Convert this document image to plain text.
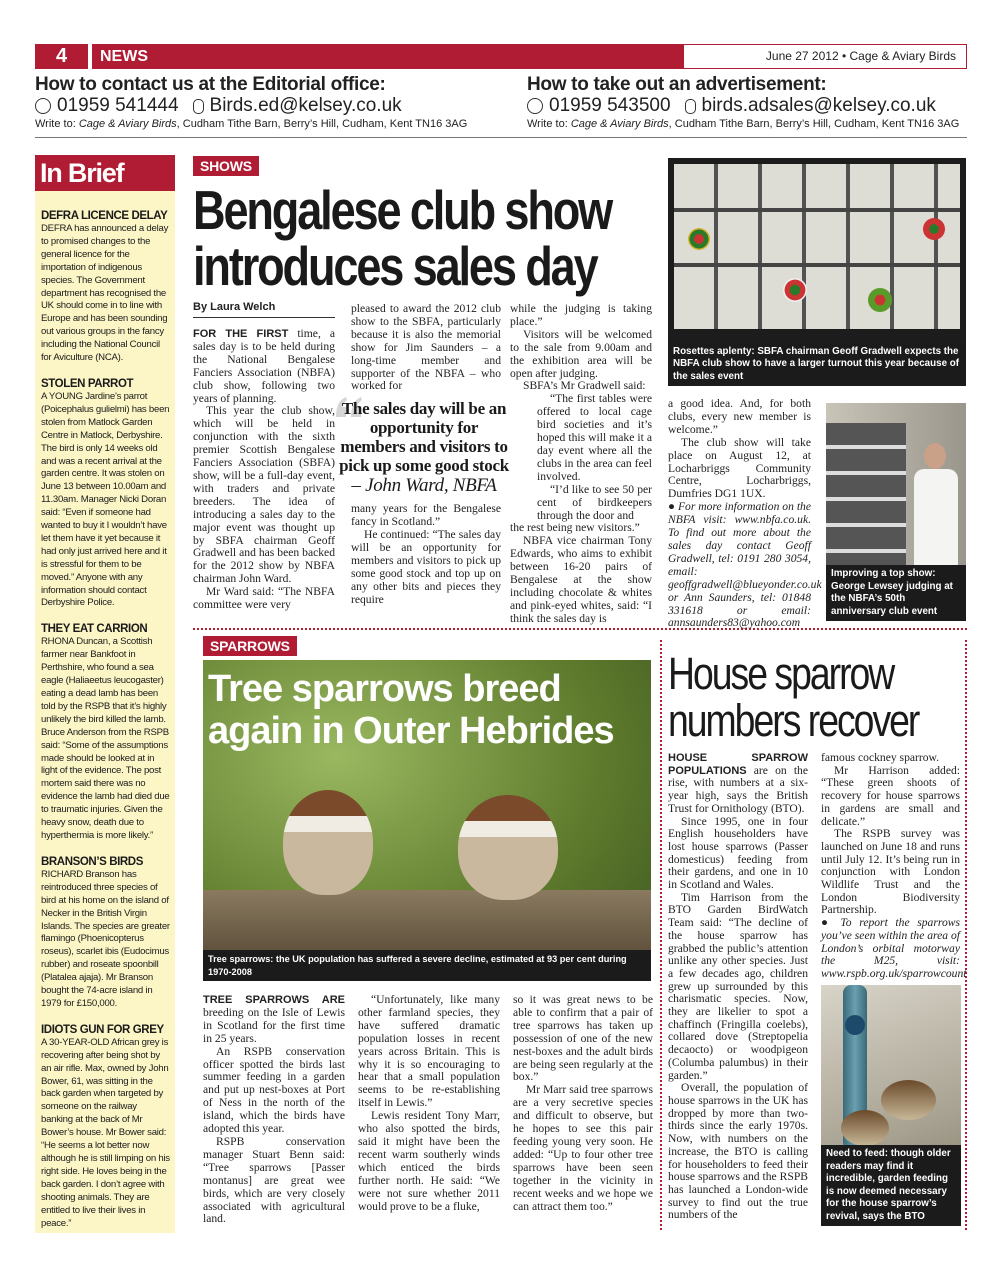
4	NEWS	June 27 2012 • Cage & Aviary Birds
How to contact us at the Editorial office:
01959 541444 Birds.ed@kelsey.co.uk
Write to: Cage & Aviary Birds, Cudham Tithe Barn, Berry’s Hill, Cudham, Kent TN16 3AG
How to take out an advertisement:
01959 543500 birds.adsales@kelsey.co.uk
Write to: Cage & Aviary Birds, Cudham Tithe Barn, Berry’s Hill, Cudham, Kent TN16 3AG
In Brief
DEFRA LICENCE DELAY

DEFRA has announced a delay to promised changes to the general licence for the importation of indigenous species. The Government department has recognised the UK should come in to line with Europe and has been sounding out various groups in the fancy including the National Council for Aviculture (NCA).

STOLEN PARROT

A YOUNG Jardine’s parrot (Poicephalus gulielmi) has been stolen from Matlock Garden Centre in Matlock, Derbyshire. The bird is only 14 weeks old and was a recent arrival at the garden centre. It was stolen on June 13 between 10.00am and 11.30am. Manager Nicki Doran said: “Even if someone had wanted to buy it I wouldn’t have let them have it yet because it had only just arrived here and it is stressful for them to be moved.” Anyone with any information should contact Derbyshire Police.

THEY EAT CARRION

RHONA Duncan, a Scottish farmer near Bankfoot in Perthshire, who found a sea eagle (Haliaeetus leucogaster) eating a dead lamb has been told by the RSPB that it’s highly unlikely the bird killed the lamb. Bruce Anderson from the RSPB said: “Some of the assumptions made should be looked at in light of the evidence. The post mortem said there was no evidence the lamb had died due to traumatic injuries. Given the heavy snow, death due to hyperthermia is more likely.”

BRANSON’S BIRDS

RICHARD Branson has reintroduced three species of bird at his home on the island of Necker in the British Virgin Islands. The species are greater flamingo (Phoenicopterus roseus), scarlet ibis (Eudocimus rubber) and roseate spoonbill (Platalea ajaja). Mr Branson bought the 74-acre island in 1979 for £150,000.

IDIOTS GUN FOR GREY

A 30-YEAR-OLD African grey is recovering after being shot by an air rifle. Max, owned by John Bower, 61, was sitting in the back garden when targeted by someone on the railway banking at the back of Mr Bower’s house. Mr Bower said: “He seems a lot better now although he is still limping on his right side. He loves being in the back garden. I don’t agree with shooting animals. They are entitled to live their lives in peace.”

SHOWS
Bengalese club show introduces sales day
By Laura Welch

FOR THE FIRST time, a sales day is to be held during the National Bengalese Fanciers Association (NBFA) club show, following two years of planning.

This year the club show, which will be held in conjunction with the sixth premier Scottish Bengalese Fanciers Association (SBFA) show, will be a full-day event, with traders and private breeders. The idea of introducing a sales day to the major event was thought up by SBFA chairman Geoff Gradwell and has been backed for the 2012 show by NBFA chairman John Ward.

Mr Ward said: “The NBFA committee were very

pleased to award the 2012 club show to the SBFA, particularly because it is also the memorial show for Jim Saunders – a long-time member and supporter of the NBFA – who worked for

The sales day will be an opportunity for members and visitors to pick up some good stock
– John Ward, NBFA

many years for the Bengalese fancy in Scotland.”

He continued: “The sales day will be an opportunity for members and visitors to pick up some good stock and top up on any other bits and pieces they require

while the judging is taking place.”

Visitors will be welcomed to the sale from 9.00am and the exhibition area will be open after judging.

SBFA’s Mr Gradwell said:

“The first tables were offered to local cage bird societies and it’s hoped this will make it a day event where all the clubs in the area can feel involved.

“I’d like to see 50 per cent of birdkeepers through the door and

the rest being new visitors.”

NBFA vice chairman Tony Edwards, who aims to exhibit between 16-20 pairs of Bengalese at the show including chocolate & whites and pink-eyed whites, said: “I think the sales day is

a good idea. And, for both clubs, every new member is welcome.”

The club show will take place on August 12, at Locharbriggs Community Centre, Locharbriggs, Dumfries DG1 1UX.

● For more information on the NBFA visit: www.nbfa.co.uk. To find out more about the sales day contact Geoff Gradwell, tel: 0191 280 3054, email: geoffgradwell@blueyonder.co.uk or Ann Saunders, tel: 01848 331618 or email: annsaunders83@yahoo.com

Rosettes aplenty: SBFA chairman Geoff Gradwell expects the NBFA club show to have a larger turnout this year because of the sales event
Improving a top show: George Lewsey judging at the NBFA’s 50th anniversary club event
SPARROWS
Tree sparrows breed again in Outer Hebrides
Tree sparrows: the UK population has suffered a severe decline, estimated at 93 per cent during 1970-2008

TREE SPARROWS ARE breeding on the Isle of Lewis in Scotland for the first time in 25 years.

An RSPB conservation officer spotted the birds last summer feeding in a garden and put up nest-boxes at Port of Ness in the north of the island, which the birds have adopted this year.

RSPB conservation manager Stuart Benn said: “Tree sparrows [Passer montanus] are great wee birds, which are very closely associated with agricultural land.

“Unfortunately, like many other farmland species, they have suffered dramatic population losses in recent years across Britain. This is why it is so encouraging to hear that a small population seems to be re-establishing itself in Lewis.”

Lewis resident Tony Marr, who also spotted the birds, said it might have been the recent warm southerly winds which enticed the birds further north. He said: “We were not sure whether 2011 would prove to be a fluke,

so it was great news to be able to confirm that a pair of tree sparrows has taken up possession of one of the new nest-boxes and the adult birds are being seen regularly at the box.”

Mr Marr said tree sparrows are a very secretive species and difficult to observe, but he hopes to see this pair feeding young very soon. He added: “Up to four other tree sparrows have been seen together in the vicinity in recent weeks and we hope we can attract them too.”

House sparrow numbers recover

HOUSE SPARROW POPULATIONS are on the rise, with numbers at a six-year high, says the British Trust for Ornithology (BTO).

Since 1995, one in four English householders have lost house sparrows (Passer domesticus) feeding from their gardens, and one in 10 in Scotland and Wales.

Tim Harrison from the BTO Garden BirdWatch Team said: “The decline of the house sparrow has grabbed the public’s attention unlike any other species. Just a few decades ago, children grew up surrounded by this charismatic species. Now, they are likelier to spot a chaffinch (Fringilla coelebs), collared dove (Streptopelia decaocto) or woodpigeon (Columba palumbus) in their garden.”

Overall, the population of house sparrows in the UK has dropped by more than two-thirds since the early 1970s. Now, with numbers on the increase, the BTO is calling for householders to feed their house sparrows and the RSPB has launched a London-wide survey to find out the true numbers of the

famous cockney sparrow.

Mr Harrison added: “These green shoots of recovery for house sparrows in gardens are small and delicate.”

The RSPB survey was launched on June 18 and runs until July 12. It’s being run in conjunction with London Wildlife Trust and the London Biodiversity Partnership.

● To report the sparrows you’ve seen within the area of London’s orbital motorway the M25, visit: www.rspb.org.uk/sparrowcount

Need to feed: though older readers may find it incredible, garden feeding is now deemed necessary for the house sparrow’s revival, says the BTO
